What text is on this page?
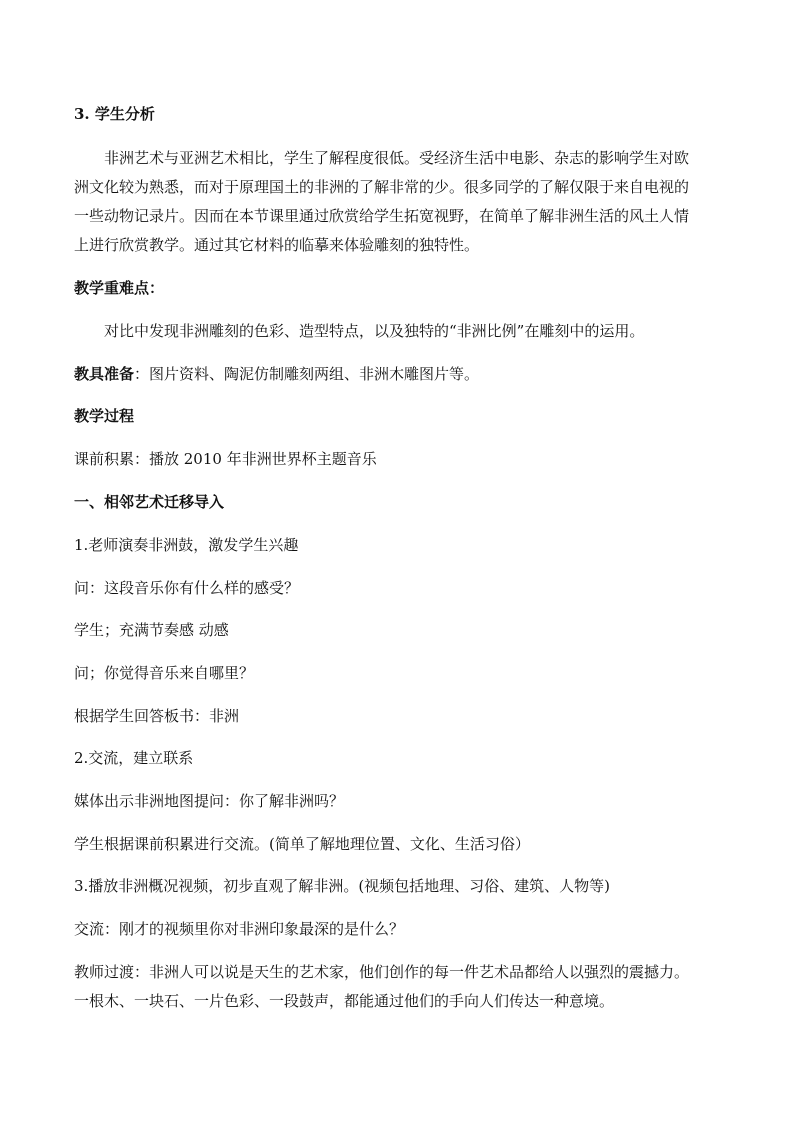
3. 学生分析
非洲艺术与亚洲艺术相比，学生了解程度很低。受经济生活中电影、杂志的影响学生对欧
洲文化较为熟悉，而对于原理国土的非洲的了解非常的少。很多同学的了解仅限于来自电视的
一些动物记录片。因而在本节课里通过欣赏给学生拓宽视野，在简单了解非洲生活的风土人情
上进行欣赏教学。通过其它材料的临摹来体验雕刻的独特性。
教学重难点：
对比中发现非洲雕刻的色彩、造型特点，以及独特的“非洲比例”在雕刻中的运用。
教具准备：图片资料、陶泥仿制雕刻两组、非洲木雕图片等。
教学过程
课前积累：播放 2010 年非洲世界杯主题音乐
一、相邻艺术迁移导入
1.老师演奏非洲鼓，激发学生兴趣
问：这段音乐你有什么样的感受？
学生；充满节奏感 动感
问；你觉得音乐来自哪里？
根据学生回答板书：非洲
2.交流，建立联系
媒体出示非洲地图提问：你了解非洲吗？
学生根据课前积累进行交流。(简单了解地理位置、文化、生活习俗）
3.播放非洲概况视频，初步直观了解非洲。(视频包括地理、习俗、建筑、人物等)
交流：刚才的视频里你对非洲印象最深的是什么？
教师过渡：非洲人可以说是天生的艺术家，他们创作的每一件艺术品都给人以强烈的震撼力。
一根木、一块石、一片色彩、一段鼓声，都能通过他们的手向人们传达一种意境。
